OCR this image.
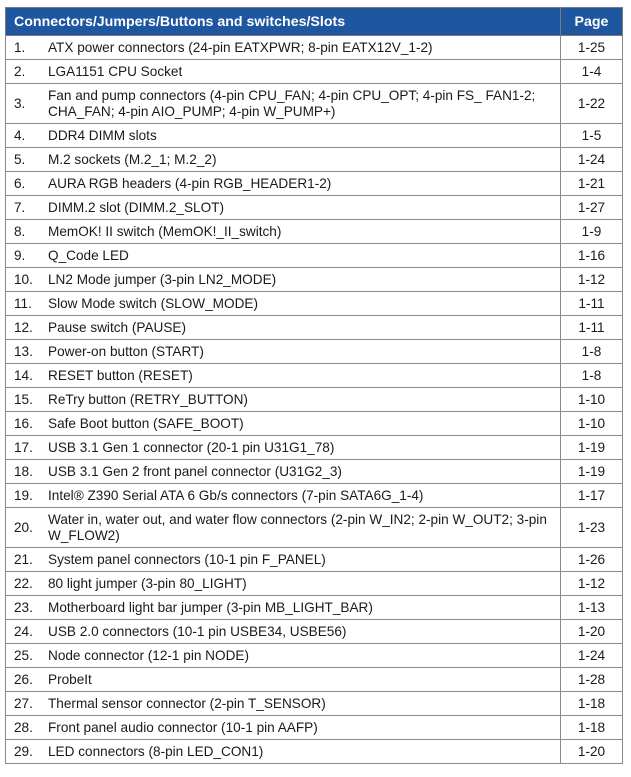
Connectors/Jumpers/Buttons and switches/Slots	Page

1. ATX power connectors (24-pin EATXPWR; 8-pin EATX12V_1-2)	1-25

2. LGA1151 CPU Socket	1-4

3.
Fan and pump connectors (4-pin CPU_FAN; 4-pin CPU_OPT; 4-pin FS_ FAN1-2; CHA_FAN; 4-pin AIO_PUMP; 4-pin W_PUMP+)	1-22

4. DDR4 DIMM slots	1-5

5. M.2 sockets (M.2_1; M.2_2)	1-24

6. AURA RGB headers (4-pin RGB_HEADER1-2)	1-21

7. DIMM.2 slot (DIMM.2_SLOT)	1-27

8. MemOK! II switch (MemOK!_II_switch)	1-9

9. Q_Code LED	1-16

10. LN2 Mode jumper (3-pin LN2_MODE)	1-12

11. Slow Mode switch (SLOW_MODE)	1-11

12. Pause switch (PAUSE)	1-11

13. Power-on button (START)	1-8

14. RESET button (RESET)	1-8

15. ReTry button (RETRY_BUTTON)	1-10

16. Safe Boot button (SAFE_BOOT)	1-10

17. USB 3.1 Gen 1 connector (20-1 pin U31G1_78)	1-19

18. USB 3.1 Gen 2 front panel connector (U31G2_3)	1-19

19. Intel® Z390 Serial ATA 6 Gb/s connectors (7-pin SATA6G_1-4)	1-17

20.
Water in, water out, and water flow connectors (2-pin W_IN2; 2-pin W_OUT2; 3-pin W_FLOW2)	1-23

21. System panel connectors (10-1 pin F_PANEL)	1-26

22. 80 light jumper (3-pin 80_LIGHT)	1-12

23. Motherboard light bar jumper (3-pin MB_LIGHT_BAR)	1-13

24. USB 2.0 connectors (10-1 pin USBE34, USBE56)	1-20

25. Node connector (12-1 pin NODE)	1-24

26. ProbeIt	1-28

27. Thermal sensor connector (2-pin T_SENSOR)	1-18

28. Front panel audio connector (10-1 pin AAFP)	1-18

29. LED connectors (8-pin LED_CON1)	1-20
